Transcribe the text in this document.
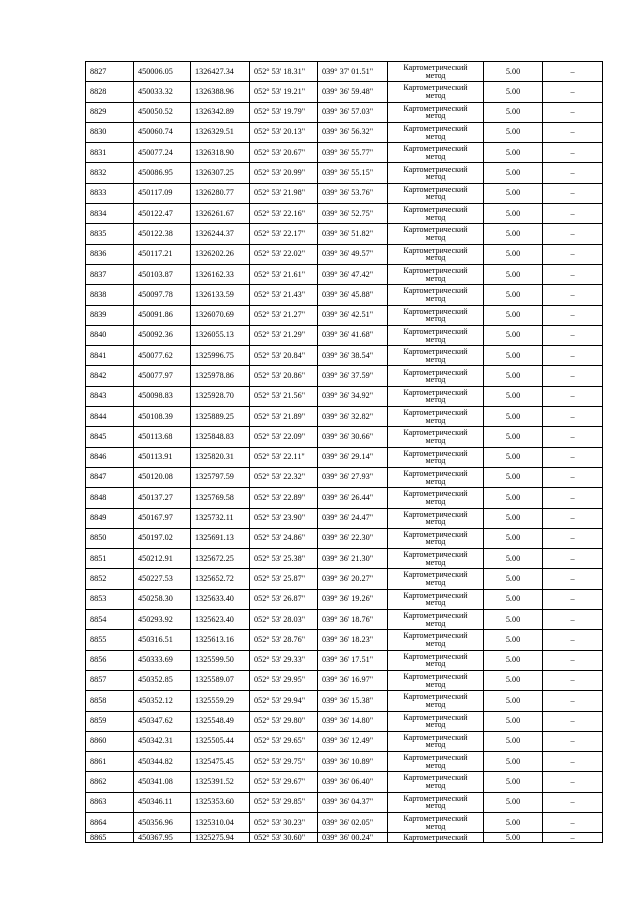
8827	450006.05	1326427.34	052° 53' 18.31"	039° 37' 01.51"	Картометрический
метод	5.00	–
8828	450033.32	1326388.96	052° 53' 19.21"	039° 36' 59.48"	Картометрический
метод	5.00	–
8829	450050.52	1326342.89	052° 53' 19.79"	039° 36' 57.03"	Картометрический
метод	5.00	–
8830	450060.74	1326329.51	052° 53' 20.13"	039° 36' 56.32"	Картометрический
метод	5.00	–
8831	450077.24	1326318.90	052° 53' 20.67"	039° 36' 55.77"	Картометрический
метод	5.00	–
8832	450086.95	1326307.25	052° 53' 20.99"	039° 36' 55.15"	Картометрический
метод	5.00	–
8833	450117.09	1326280.77	052° 53' 21.98"	039° 36' 53.76"	Картометрический
метод	5.00	–
8834	450122.47	1326261.67	052° 53' 22.16"	039° 36' 52.75"	Картометрический
метод	5.00	–
8835	450122.38	1326244.37	052° 53' 22.17"	039° 36' 51.82"	Картометрический
метод	5.00	–
8836	450117.21	1326202.26	052° 53' 22.02"	039° 36' 49.57"	Картометрический
метод	5.00	–
8837	450103.87	1326162.33	052° 53' 21.61"	039° 36' 47.42"	Картометрический
метод	5.00	–
8838	450097.78	1326133.59	052° 53' 21.43"	039° 36' 45.88"	Картометрический
метод	5.00	–
8839	450091.86	1326070.69	052° 53' 21.27"	039° 36' 42.51"	Картометрический
метод	5.00	–
8840	450092.36	1326055.13	052° 53' 21.29"	039° 36' 41.68"	Картометрический
метод	5.00	–
8841	450077.62	1325996.75	052° 53' 20.84"	039° 36' 38.54"	Картометрический
метод	5.00	–
8842	450077.97	1325978.86	052° 53' 20.86"	039° 36' 37.59"	Картометрический
метод	5.00	–
8843	450098.83	1325928.70	052° 53' 21.56"	039° 36' 34.92"	Картометрический
метод	5.00	–
8844	450108.39	1325889.25	052° 53' 21.89"	039° 36' 32.82"	Картометрический
метод	5.00	–
8845	450113.68	1325848.83	052° 53' 22.09"	039° 36' 30.66"	Картометрический
метод	5.00	–
8846	450113.91	1325820.31	052° 53' 22.11"	039° 36' 29.14"	Картометрический
метод	5.00	–
8847	450120.08	1325797.59	052° 53' 22.32"	039° 36' 27.93"	Картометрический
метод	5.00	–
8848	450137.27	1325769.58	052° 53' 22.89"	039° 36' 26.44"	Картометрический
метод	5.00	–
8849	450167.97	1325732.11	052° 53' 23.90"	039° 36' 24.47"	Картометрический
метод	5.00	–
8850	450197.02	1325691.13	052° 53' 24.86"	039° 36' 22.30"	Картометрический
метод	5.00	–
8851	450212.91	1325672.25	052° 53' 25.38"	039° 36' 21.30"	Картометрический
метод	5.00	–
8852	450227.53	1325652.72	052° 53' 25.87"	039° 36' 20.27"	Картометрический
метод	5.00	–
8853	450258.30	1325633.40	052° 53' 26.87"	039° 36' 19.26"	Картометрический
метод	5.00	–
8854	450293.92	1325623.40	052° 53' 28.03"	039° 36' 18.76"	Картометрический
метод	5.00	–
8855	450316.51	1325613.16	052° 53' 28.76"	039° 36' 18.23"	Картометрический
метод	5.00	–
8856	450333.69	1325599.50	052° 53' 29.33"	039° 36' 17.51"	Картометрический
метод	5.00	–
8857	450352.85	1325589.07	052° 53' 29.95"	039° 36' 16.97"	Картометрический
метод	5.00	–
8858	450352.12	1325559.29	052° 53' 29.94"	039° 36' 15.38"	Картометрический
метод	5.00	–
8859	450347.62	1325548.49	052° 53' 29.80"	039° 36' 14.80"	Картометрический
метод	5.00	–
8860	450342.31	1325505.44	052° 53' 29.65"	039° 36' 12.49"	Картометрический
метод	5.00	–
8861	450344.82	1325475.45	052° 53' 29.75"	039° 36' 10.89"	Картометрический
метод	5.00	–
8862	450341.08	1325391.52	052° 53' 29.67"	039° 36' 06.40"	Картометрический
метод	5.00	–
8863	450346.11	1325353.60	052° 53' 29.85"	039° 36' 04.37"	Картометрический
метод	5.00	–
8864	450356.96	1325310.04	052° 53' 30.23"	039° 36' 02.05"	Картометрический
метод	5.00	–
8865	450367.95	1325275.94	052° 53' 30.60"	039° 36' 00.24"	Картометрический	5.00	–
